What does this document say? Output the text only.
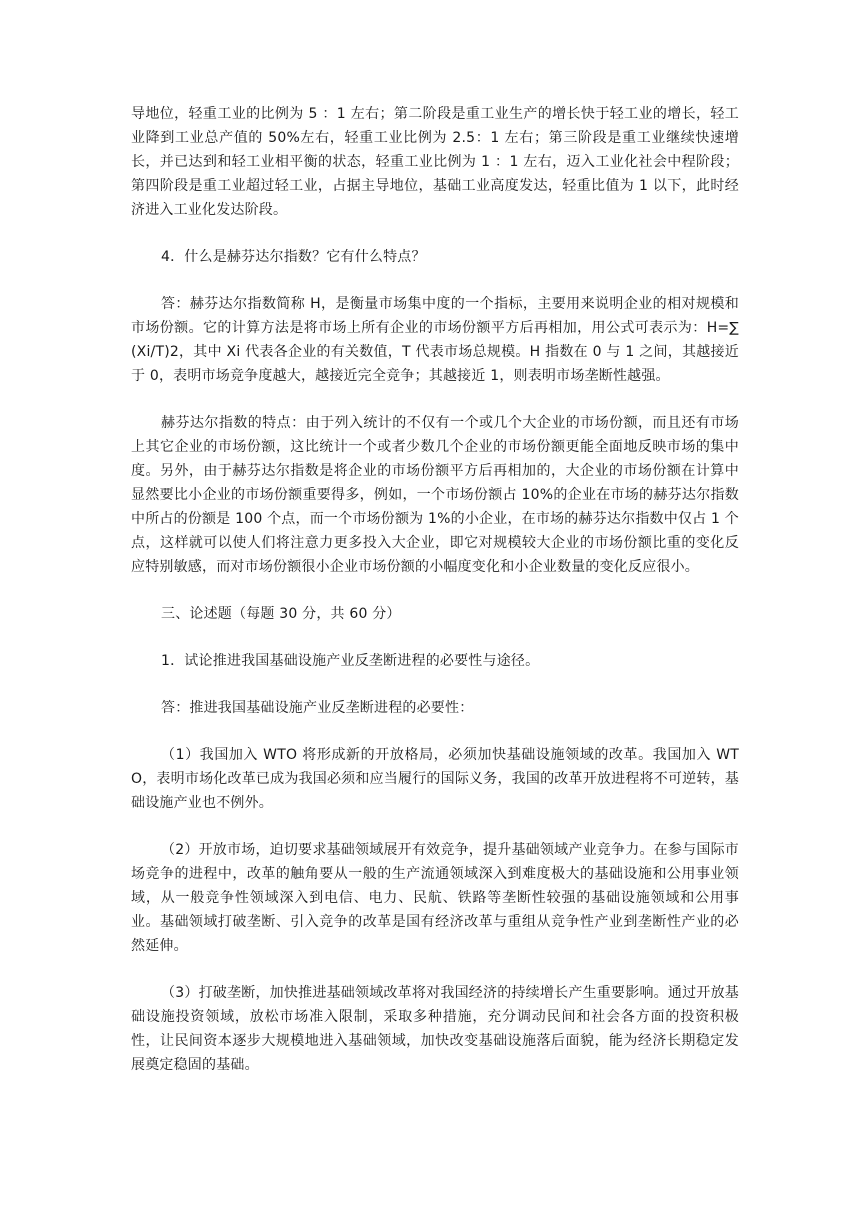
导地位，轻重工业的比例为 5 ：1 左右；第二阶段是重工业生产的增长快于轻工业的增长，轻工业降到工业总产值的 50%左右，轻重工业比例为 2.5：1 左右；第三阶段是重工业继续快速增长，并已达到和轻工业相平衡的状态，轻重工业比例为 1 ：1 左右，迈入工业化社会中程阶段；第四阶段是重工业超过轻工业，占据主导地位，基础工业高度发达，轻重比值为 1 以下，此时经济进入工业化发达阶段。

4．什么是赫芬达尔指数？它有什么特点？

答：赫芬达尔指数简称 H，是衡量市场集中度的一个指标，主要用来说明企业的相对规模和市场份额。它的计算方法是将市场上所有企业的市场份额平方后再相加，用公式可表示为：H=∑(Xi/T)2，其中 Xi 代表各企业的有关数值，T 代表市场总规模。H 指数在 0 与 1 之间，其越接近于 0，表明市场竞争度越大，越接近完全竞争；其越接近 1，则表明市场垄断性越强。

赫芬达尔指数的特点：由于列入统计的不仅有一个或几个大企业的市场份额，而且还有市场上其它企业的市场份额，这比统计一个或者少数几个企业的市场份额更能全面地反映市场的集中度。另外，由于赫芬达尔指数是将企业的市场份额平方后再相加的，大企业的市场份额在计算中显然要比小企业的市场份额重要得多，例如，一个市场份额占 10%的企业在市场的赫芬达尔指数中所占的份额是 100 个点，而一个市场份额为 1%的小企业，在市场的赫芬达尔指数中仅占 1 个点，这样就可以使人们将注意力更多投入大企业，即它对规模较大企业的市场份额比重的变化反应特别敏感，而对市场份额很小企业市场份额的小幅度变化和小企业数量的变化反应很小。

三、论述题（每题 30 分，共 60 分）

1．试论推进我国基础设施产业反垄断进程的必要性与途径。

答：推进我国基础设施产业反垄断进程的必要性：

（1）我国加入 WTO 将形成新的开放格局，必须加快基础设施领域的改革。我国加入 WTO，表明市场化改革已成为我国必须和应当履行的国际义务，我国的改革开放进程将不可逆转，基础设施产业也不例外。

（2）开放市场，迫切要求基础领域展开有效竞争，提升基础领域产业竞争力。在参与国际市场竞争的进程中，改革的触角要从一般的生产流通领域深入到难度极大的基础设施和公用事业领域，从一般竞争性领域深入到电信、电力、民航、铁路等垄断性较强的基础设施领域和公用事业。基础领域打破垄断、引入竞争的改革是国有经济改革与重组从竞争性产业到垄断性产业的必然延伸。

（3）打破垄断，加快推进基础领域改革将对我国经济的持续增长产生重要影响。通过开放基础设施投资领域，放松市场准入限制，采取多种措施，充分调动民间和社会各方面的投资积极性，让民间资本逐步大规模地进入基础领域，加快改变基础设施落后面貌，能为经济长期稳定发展奠定稳固的基础。
